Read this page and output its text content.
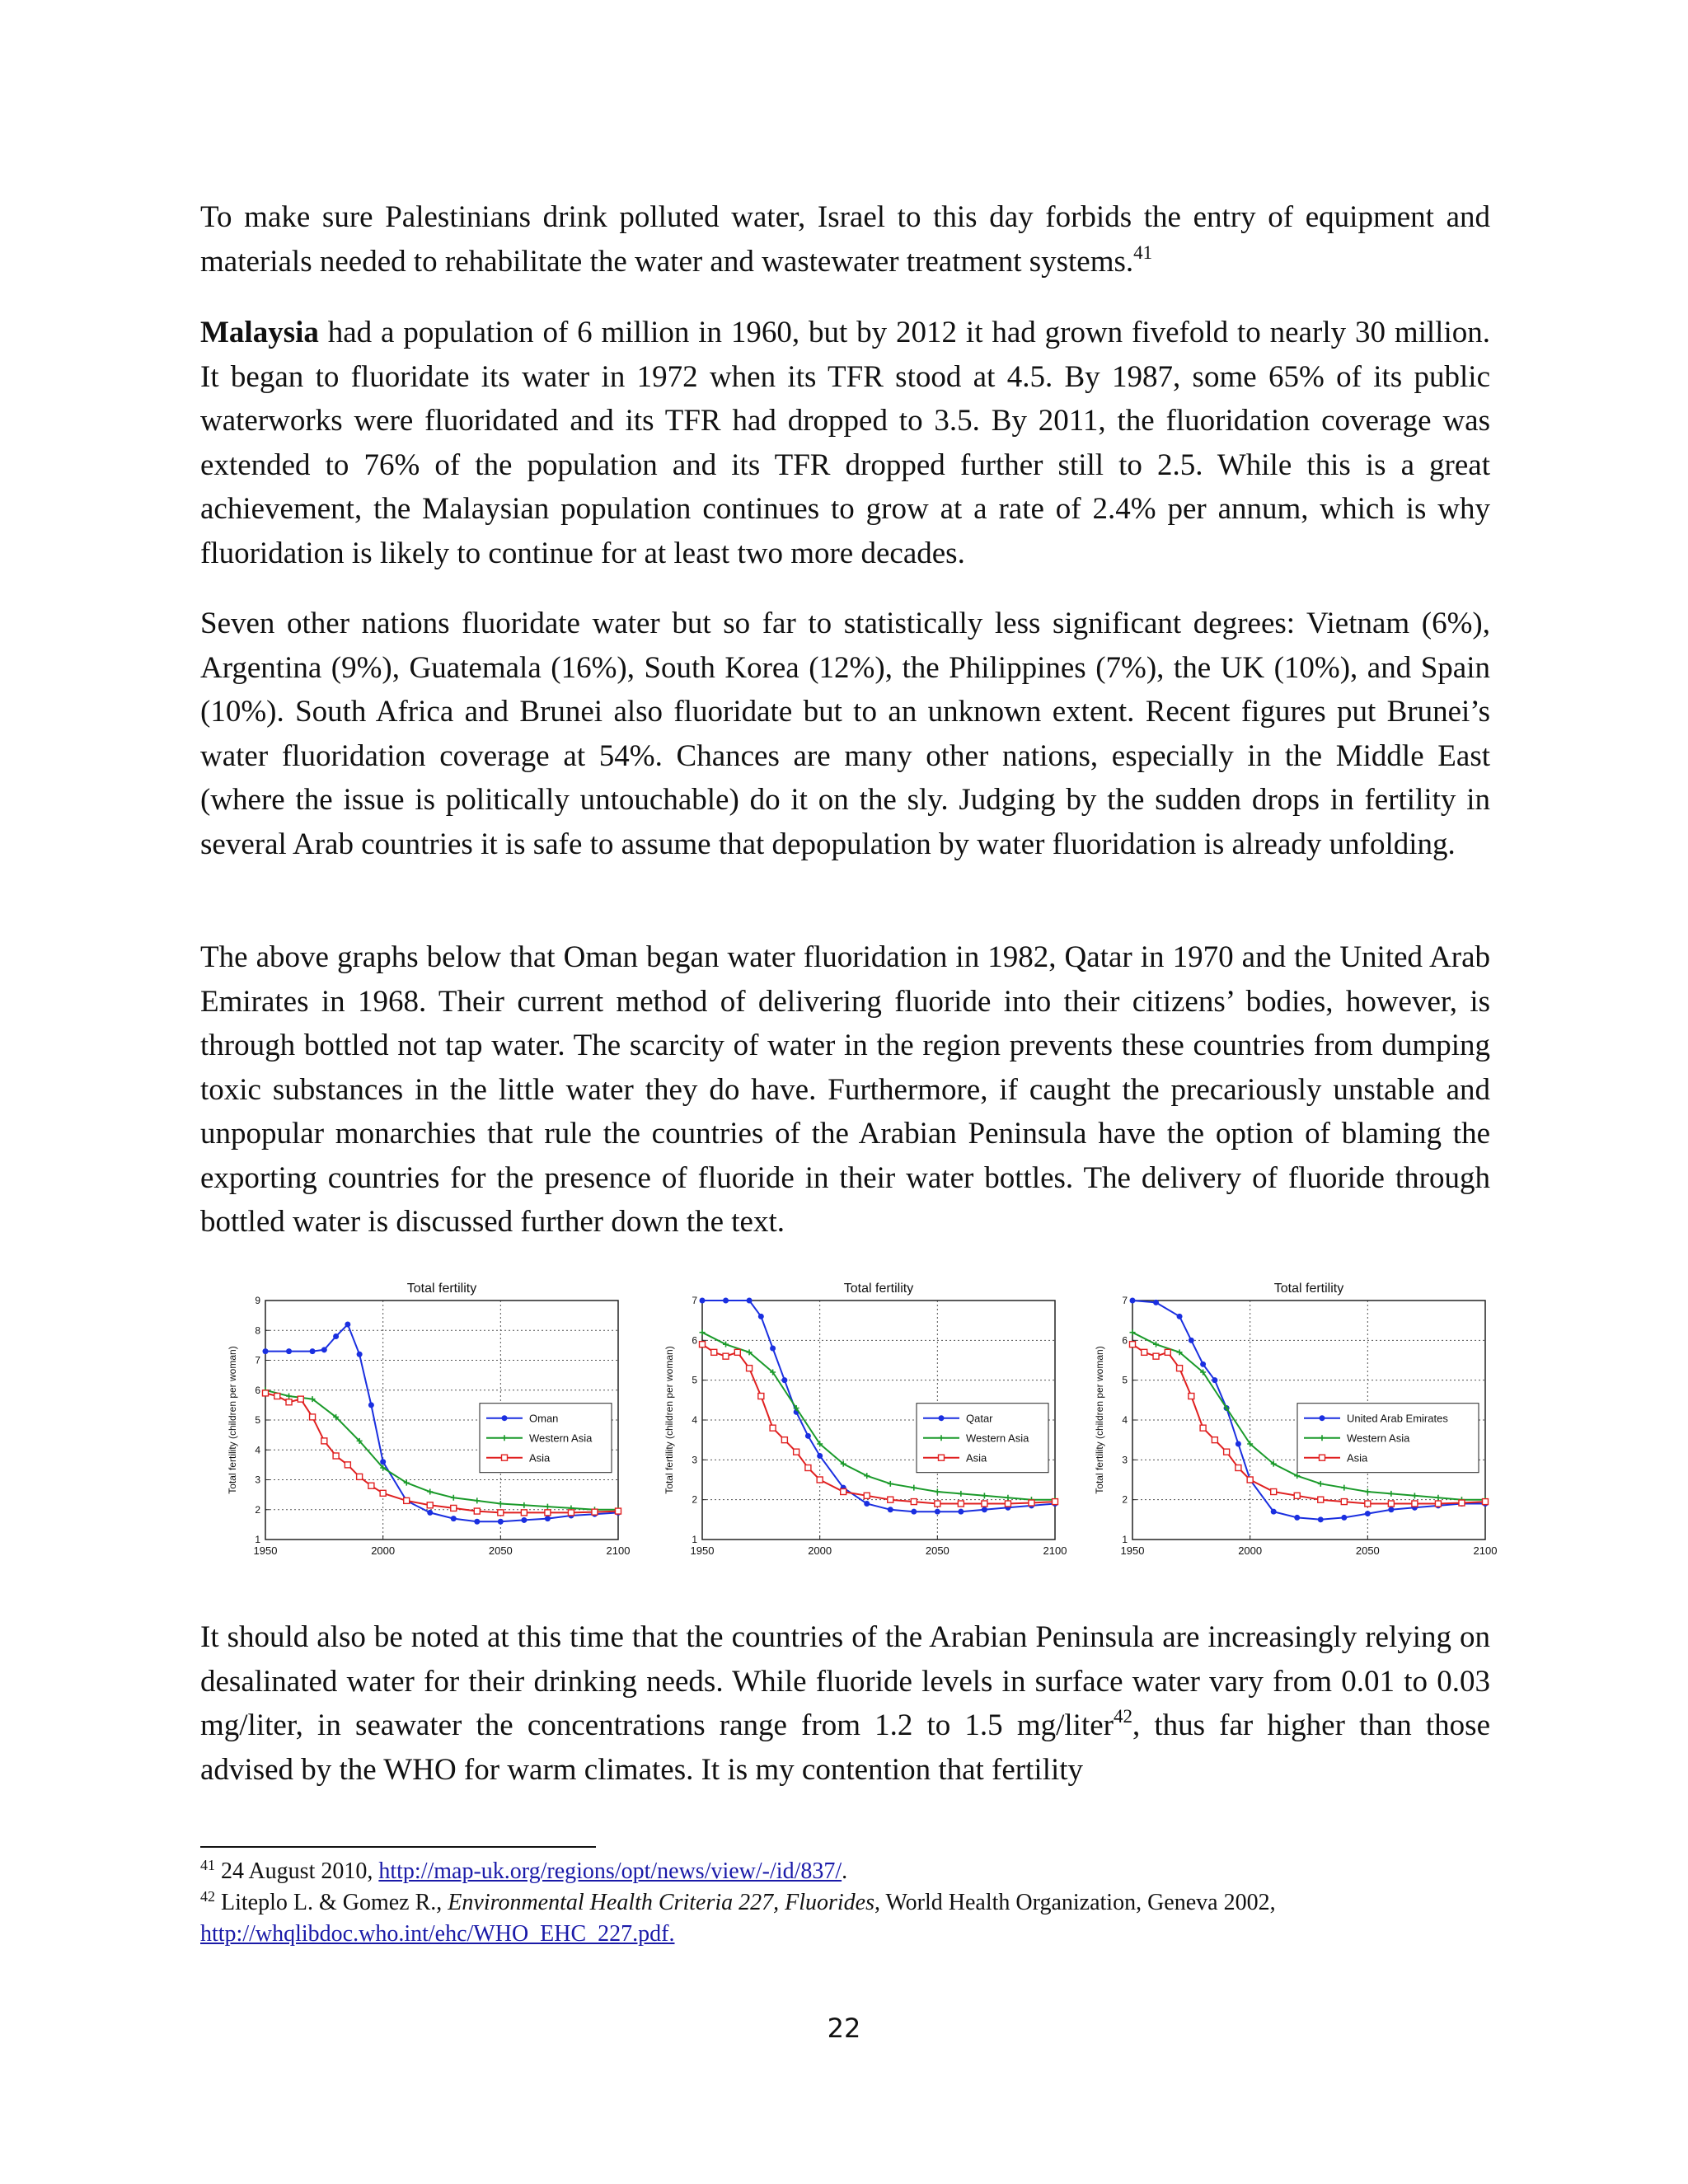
To make sure Palestinians drink polluted water, Israel to this day forbids the entry of equipment and materials needed to rehabilitate the water and wastewater treatment systems.$^{41}$

Malaysia had a population of 6 million in 1960, but by 2012 it had grown fivefold to nearly 30 million. It began to fluoridate its water in 1972 when its TFR stood at 4.5. By 1987, some 65% of its public waterworks were fluoridated and its TFR had dropped to 3.5. By 2011, the fluoridation coverage was extended to 76% of the population and its TFR dropped further still to 2.5. While this is a great achievement, the Malaysian population continues to grow at a rate of 2.4% per annum, which is why fluoridation is likely to continue for at least two more decades.

Seven other nations fluoridate water but so far to statistically less significant degrees: Vietnam (6%), Argentina (9%), Guatemala (16%), South Korea (12%), the Philippines (7%), the UK (10%), and Spain (10%). South Africa and Brunei also fluoridate but to an unknown extent. Recent figures put Brunei’s water fluoridation coverage at 54%. Chances are many other nations, especially in the Middle East (where the issue is politically untouchable) do it on the sly. Judging by the sudden drops in fertility in several Arab countries it is safe to assume that depopulation by water fluoridation is already unfolding.

The above graphs below that Oman began water fluoridation in 1982, Qatar in 1970 and the United Arab Emirates in 1968. Their current method of delivering fluoride into their citizens’ bodies, however, is through bottled not tap water. The scarcity of water in the region prevents these countries from dumping toxic substances in the little water they do have. Furthermore, if caught the precariously unstable and unpopular monarchies that rule the countries of the Arabian Peninsula have the option of blaming the exporting countries for the presence of fluoride in their water bottles. The delivery of fluoride through bottled water is discussed further down the text.

Total fertility
Total fertility (children per woman)
1950	2000	2050	2100
1
2
3
4
5
6
7
8
9
Oman
Western Asia
Asia
Total fertility
Total fertility (children per woman)
1950	2000	2050	2100
1
2
3
4
5
6
7
Qatar
Western Asia
Asia
Total fertility
Total fertility (children per woman)
1950	2000	2050	2100
1
2
3
4
5
6
7
United Arab Emirates
Western Asia
Asia

It should also be noted at this time that the countries of the Arabian Peninsula are increasingly relying on desalinated water for their drinking needs. While fluoride levels in surface water vary from 0.01 to 0.03 mg/liter, in seawater the concentrations range from 1.2 to 1.5 mg/liter$^{42}$, thus far higher than those advised by the WHO for warm climates. It is my contention that fertility

$^{41}$ 24 August 2010, http://map-uk.org/regions/opt/news/view/-/id/837/.

$^{42}$ Liteplo L. & Gomez R., Environmental Health Criteria 227, Fluorides, World Health Organization, Geneva 2002,
http://whqlibdoc.who.int/ehc/WHO_EHC_227.pdf.

22
